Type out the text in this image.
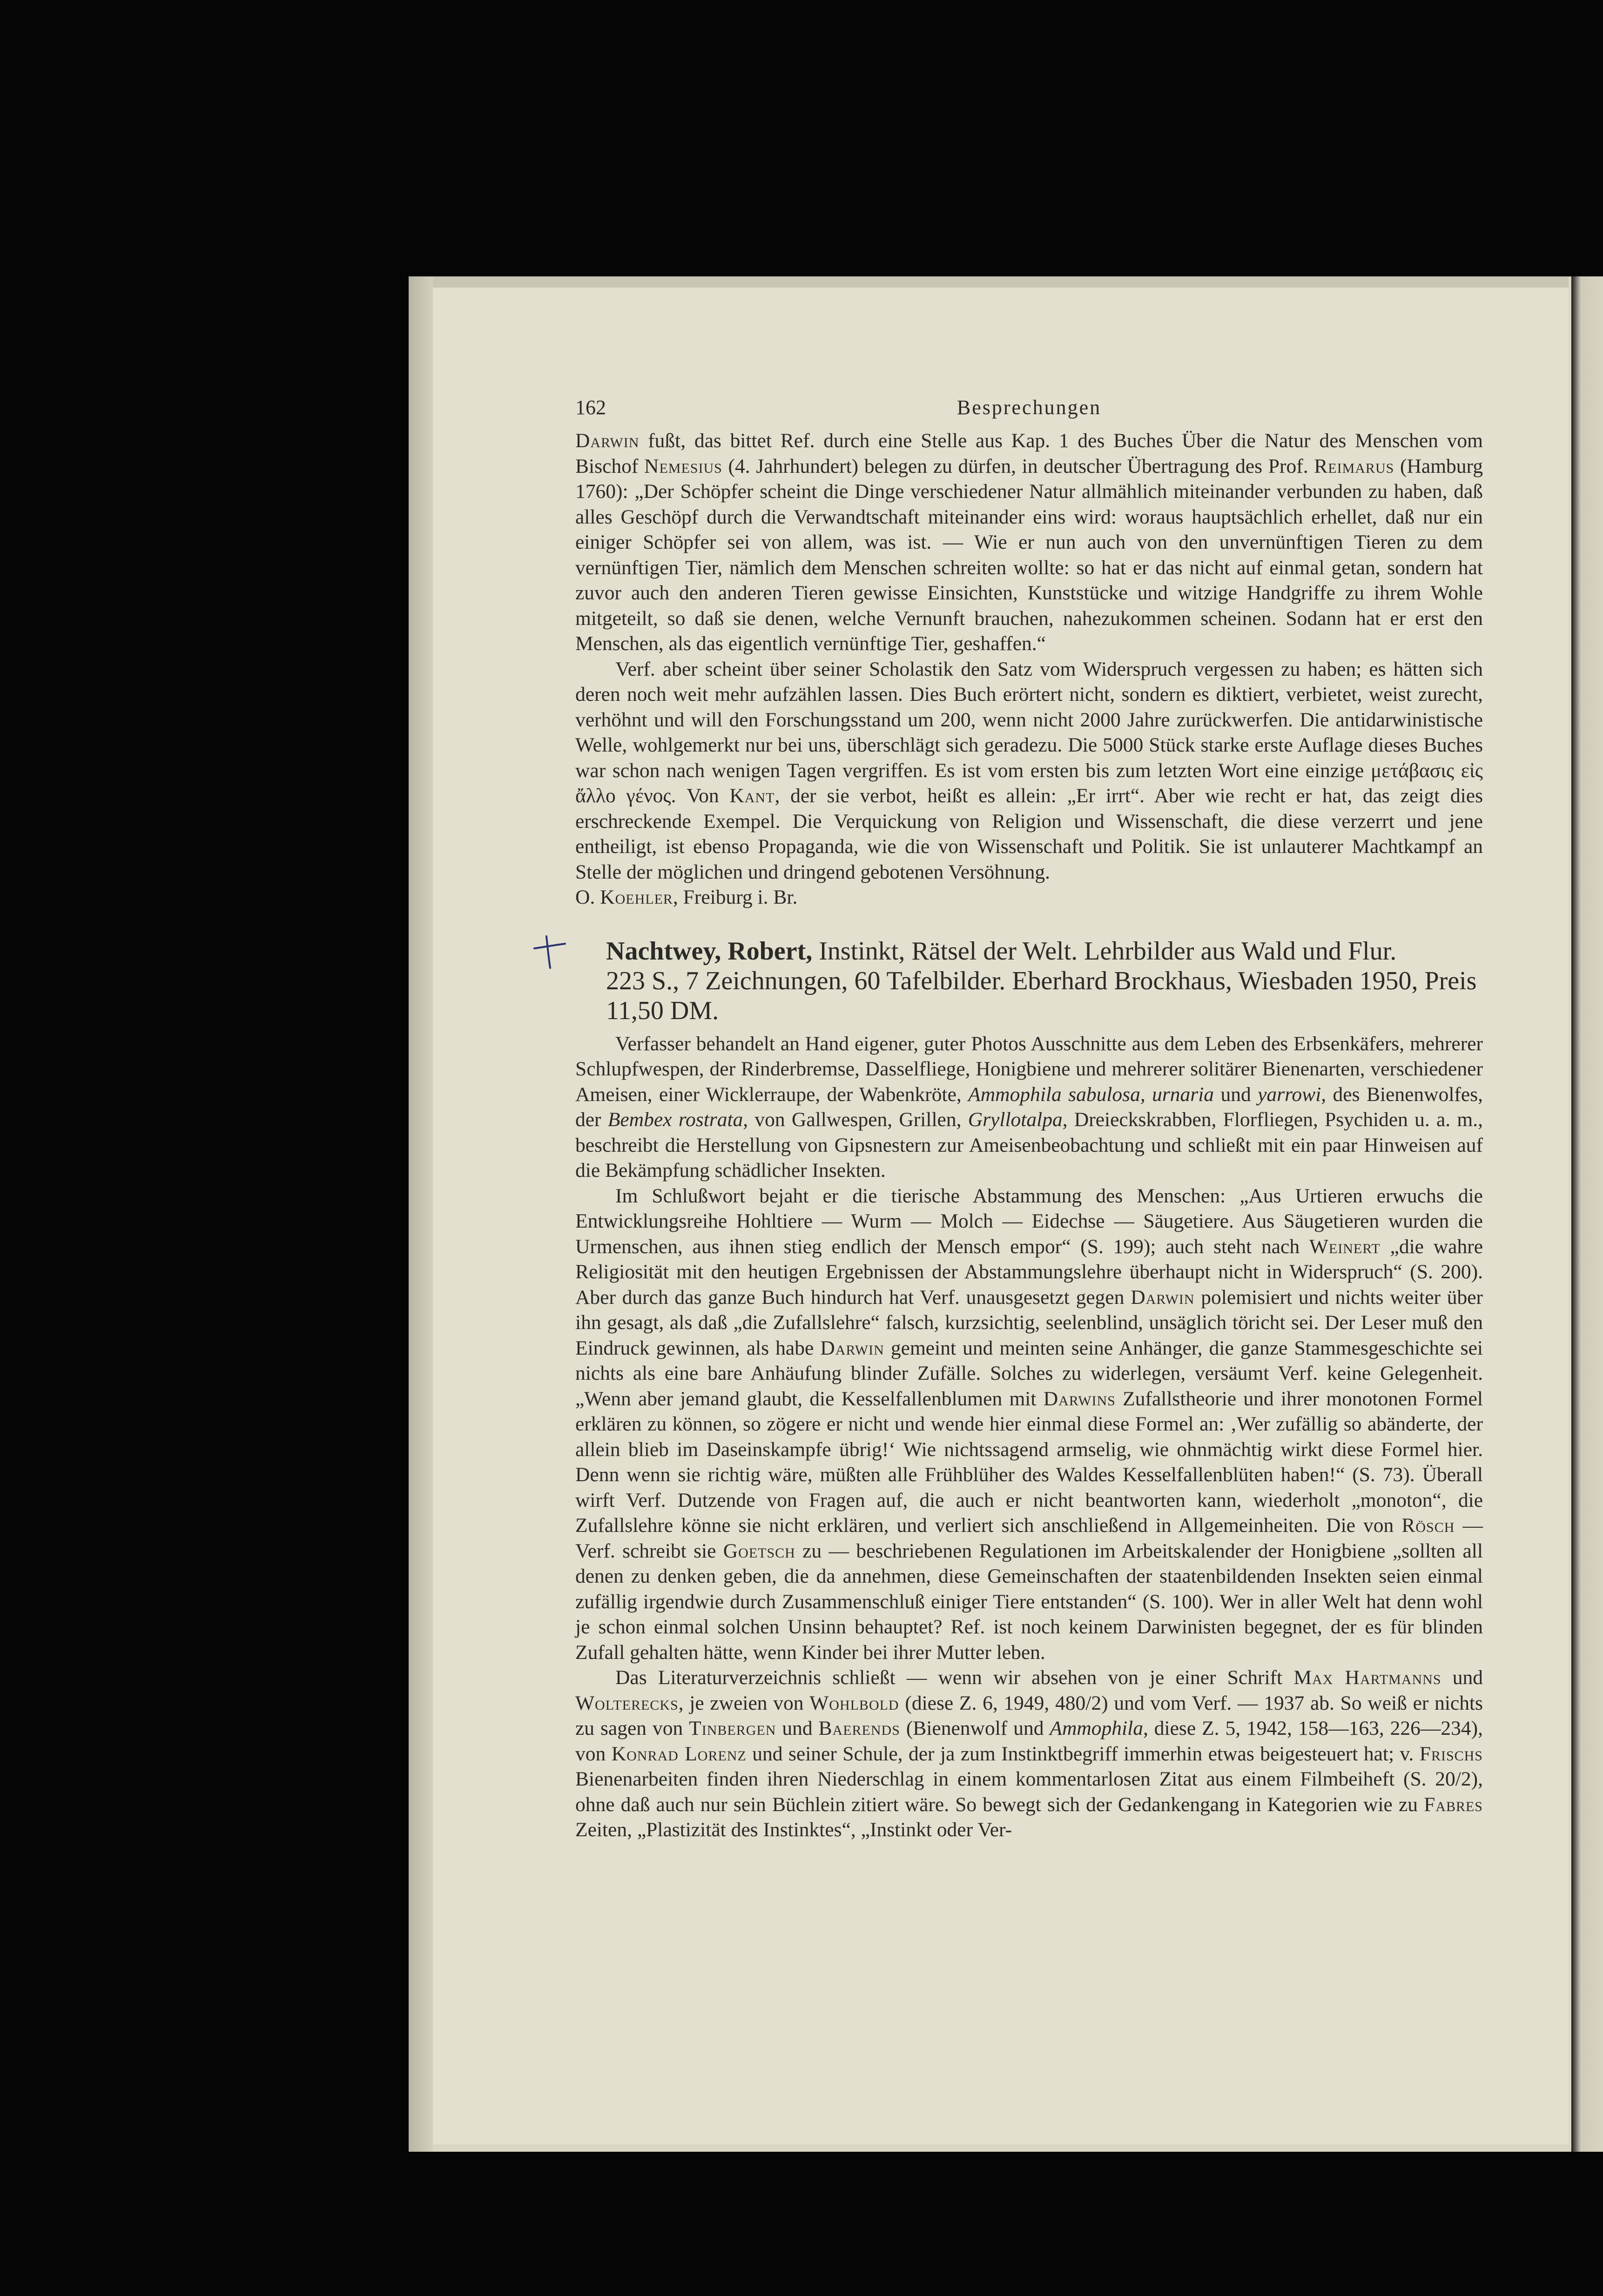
162	Besprechungen

Darwin fußt, das bittet Ref. durch eine Stelle aus Kap. 1 des Buches Über die Natur des Menschen vom Bischof Nemesius (4. Jahrhundert) belegen zu dürfen, in deutscher Übertragung des Prof. Reimarus (Hamburg 1760): „Der Schöpfer scheint die Dinge verschiedener Natur allmählich miteinander verbunden zu haben, daß alles Geschöpf durch die Verwandtschaft miteinander eins wird: woraus hauptsächlich erhellet, daß nur ein einiger Schöpfer sei von allem, was ist. — Wie er nun auch von den unvernünftigen Tieren zu dem vernünftigen Tier, nämlich dem Menschen schreiten wollte: so hat er das nicht auf einmal getan, sondern hat zuvor auch den anderen Tieren gewisse Einsichten, Kunststücke und witzige Handgriffe zu ihrem Wohle mitgeteilt, so daß sie denen, welche Vernunft brauchen, nahezukommen scheinen. Sodann hat er erst den Menschen, als das eigentlich vernünftige Tier, geshaffen.“

Verf. aber scheint über seiner Scholastik den Satz vom Widerspruch vergessen zu haben; es hätten sich deren noch weit mehr aufzählen lassen. Dies Buch erörtert nicht, sondern es diktiert, verbietet, weist zurecht, verhöhnt und will den Forschungsstand um 200, wenn nicht 2000 Jahre zurückwerfen. Die antidarwinistische Welle, wohlgemerkt nur bei uns, überschlägt sich geradezu. Die 5000 Stück starke erste Auflage dieses Buches war schon nach wenigen Tagen vergriffen. Es ist vom ersten bis zum letzten Wort eine einzige μετάβασις εἰς ἄλλο γένος. Von Kant, der sie verbot, heißt es allein: „Er irrt“. Aber wie recht er hat, das zeigt dies erschreckende Exempel. Die Verquickung von Religion und Wissenschaft, die diese verzerrt und jene entheiligt, ist ebenso Propaganda, wie die von Wissenschaft und Politik. Sie ist unlauterer Machtkampf an Stelle der möglichen und dringend gebotenen Versöhnung.

O. Koehler, Freiburg i. Br.

Nachtwey, Robert, Instinkt, Rätsel der Welt. Lehrbilder aus Wald und Flur.
223 S., 7 Zeichnungen, 60 Tafelbilder. Eberhard Brockhaus, Wiesbaden 1950, Preis 11,50 DM.

Verfasser behandelt an Hand eigener, guter Photos Ausschnitte aus dem Leben des Erbsenkäfers, mehrerer Schlupfwespen, der Rinderbremse, Dasselfliege, Honigbiene und mehrerer solitärer Bienenarten, verschiedener Ameisen, einer Wicklerraupe, der Wabenkröte, Ammophila sabulosa, urnaria und yarrowi, des Bienenwolfes, der Bembex rostrata, von Gallwespen, Grillen, Gryllotalpa, Dreieckskrabben, Florfliegen, Psychiden u. a. m., beschreibt die Herstellung von Gipsnestern zur Ameisenbeobachtung und schließt mit ein paar Hinweisen auf die Bekämpfung schädlicher Insekten.

Im Schlußwort bejaht er die tierische Abstammung des Menschen: „Aus Urtieren erwuchs die Entwicklungsreihe Hohltiere — Wurm — Molch — Eidechse — Säugetiere. Aus Säugetieren wurden die Urmenschen, aus ihnen stieg endlich der Mensch empor“ (S. 199); auch steht nach Weinert „die wahre Religiosität mit den heutigen Ergebnissen der Abstammungslehre überhaupt nicht in Widerspruch“ (S. 200). Aber durch das ganze Buch hindurch hat Verf. unausgesetzt gegen Darwin polemisiert und nichts weiter über ihn gesagt, als daß „die Zufallslehre“ falsch, kurzsichtig, seelenblind, unsäglich töricht sei. Der Leser muß den Eindruck gewinnen, als habe Darwin gemeint und meinten seine Anhänger, die ganze Stammesgeschichte sei nichts als eine bare Anhäufung blinder Zufälle. Solches zu widerlegen, versäumt Verf. keine Gelegenheit. „Wenn aber jemand glaubt, die Kesselfallenblumen mit Darwins Zufallstheorie und ihrer monotonen Formel erklären zu können, so zögere er nicht und wende hier einmal diese Formel an: ‚Wer zufällig so abänderte, der allein blieb im Daseinskampfe übrig!‘ Wie nichtssagend armselig, wie ohnmächtig wirkt diese Formel hier. Denn wenn sie richtig wäre, müßten alle Frühblüher des Waldes Kesselfallenblüten haben!“ (S. 73). Überall wirft Verf. Dutzende von Fragen auf, die auch er nicht beantworten kann, wiederholt „monoton“, die Zufallslehre könne sie nicht erklären, und verliert sich anschließend in Allgemeinheiten. Die von Rösch — Verf. schreibt sie Goetsch zu — beschriebenen Regulationen im Arbeitskalender der Honigbiene „sollten all denen zu denken geben, die da annehmen, diese Gemeinschaften der staatenbildenden Insekten seien einmal zufällig irgendwie durch Zusammenschluß einiger Tiere entstanden“ (S. 100). Wer in aller Welt hat denn wohl je schon einmal solchen Unsinn behauptet? Ref. ist noch keinem Darwinisten begegnet, der es für blinden Zufall gehalten hätte, wenn Kinder bei ihrer Mutter leben.

Das Literaturverzeichnis schließt — wenn wir absehen von je einer Schrift Max Hartmanns und Wolterecks, je zweien von Wohlbold (diese Z. 6, 1949, 480/2) und vom Verf. — 1937 ab. So weiß er nichts zu sagen von Tinbergen und Baerends (Bienenwolf und Ammophila, diese Z. 5, 1942, 158—163, 226—234), von Konrad Lorenz und seiner Schule, der ja zum Instinktbegriff immerhin etwas beigesteuert hat; v. Frischs Bienenarbeiten finden ihren Niederschlag in einem kommentarlosen Zitat aus einem Filmbeiheft (S. 20/2), ohne daß auch nur sein Büchlein zitiert wäre. So bewegt sich der Gedankengang in Kategorien wie zu Fabres Zeiten, „Plastizität des Instinktes“, „Instinkt oder Ver-
